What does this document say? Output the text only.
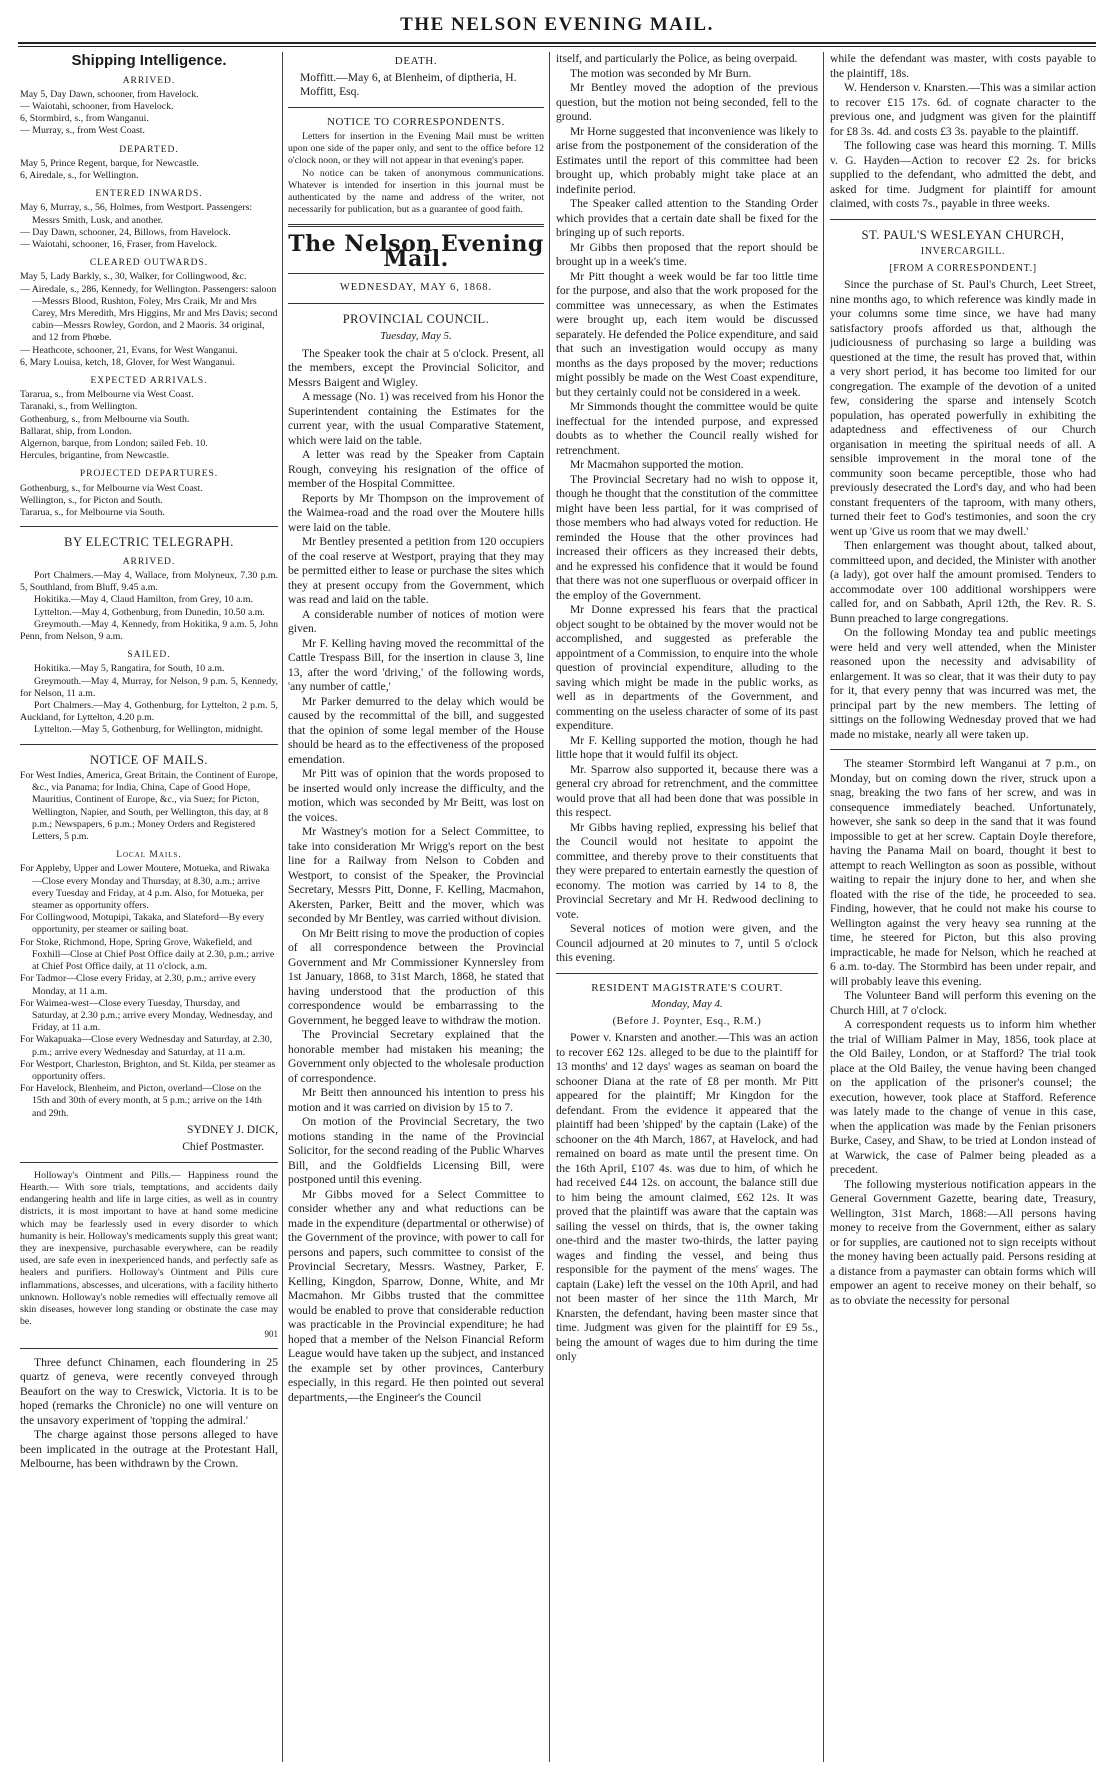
THE NELSON EVENING MAIL.
Shipping Intelligence.
ARRIVED.
May 5, Day Dawn, schooner, from Havelock.
— Waiotahi, schooner, from Havelock.
6, Stormbird, s., from Wanganui.
— Murray, s., from West Coast.
DEPARTED.
May 5, Prince Regent, barque, for Newcastle.
6, Airedale, s., for Wellington.
ENTERED INWARDS.
May 6, Murray, s., 56, Holmes, from Westport. Passengers: Messrs Smith, Lusk, and another.
— Day Dawn, schooner, 24, Billows, from Havelock.
— Waiotahi, schooner, 16, Fraser, from Havelock.
CLEARED OUTWARDS.
May 5, Lady Barkly, s., 30, Walker, for Collingwood, &c.
— Airedale, s., 286, Kennedy, for Wellington. Passengers: saloon—Messrs Blood, Rushton, Foley, Mrs Craik, Mr and Mrs Carey, Mrs Meredith, Mrs Higgins, Mr and Mrs Davis; second cabin—Messrs Rowley, Gordon, and 2 Maoris. 34 original, and 12 from Phœbe.
— Heathcote, schooner, 21, Evans, for West Wanganui.
6, Mary Louisa, ketch, 18, Glover, for West Wanganui.
EXPECTED ARRIVALS.
Tararua, s., from Melbourne via West Coast.
Taranaki, s., from Wellington.
Gothenburg, s., from Melbourne via South.
Ballarat, ship, from London.
Algernon, barque, from London; sailed Feb. 10.
Hercules, brigantine, from Newcastle.
PROJECTED DEPARTURES.
Gothenburg, s., for Melbourne via West Coast.
Wellington, s., for Picton and South.
Tararua, s., for Melbourne via South.
BY ELECTRIC TELEGRAPH.
ARRIVED.

Port Chalmers.—May 4, Wallace, from Molyneux, 7.30 p.m. 5, Southland, from Bluff, 9.45 a.m.

Hokitika.—May 4, Claud Hamilton, from Grey, 10 a.m.

Lyttelton.—May 4, Gothenburg, from Dunedin, 10.50 a.m.

Greymouth.—May 4, Kennedy, from Hokitika, 9 a.m. 5, John Penn, from Nelson, 9 a.m.

SAILED.

Hokitika.—May 5, Rangatira, for South, 10 a.m.

Greymouth.—May 4, Murray, for Nelson, 9 p.m. 5, Kennedy, for Nelson, 11 a.m.

Port Chalmers.—May 4, Gothenburg, for Lyttelton, 2 p.m. 5, Auckland, for Lyttelton, 4.20 p.m.

Lyttelton.—May 5, Gothenburg, for Wellington, midnight.

NOTICE OF MAILS.

For West Indies, America, Great Britain, the Continent of Europe, &c., via Panama; for India, China, Cape of Good Hope, Mauritius, Continent of Europe, &c., via Suez; for Picton, Wellington, Napier, and South, per Wellington, this day, at 8 p.m.; Newspapers, 6 p.m.; Money Orders and Registered Letters, 5 p.m.

Local Mails.

For Appleby, Upper and Lower Moutere, Motueka, and Riwaka—Close every Monday and Thursday, at 8.30, a.m.; arrive every Tuesday and Friday, at 4 p.m. Also, for Motueka, per steamer as opportunity offers.

For Collingwood, Motupipi, Takaka, and Slateford—By every opportunity, per steamer or sailing boat.

For Stoke, Richmond, Hope, Spring Grove, Wakefield, and Foxhill—Close at Chief Post Office daily at 2.30, p.m.; arrive at Chief Post Office daily, at 11 o'clock, a.m.

For Tadmor—Close every Friday, at 2.30, p.m.; arrive every Monday, at 11 a.m.

For Waimea-west—Close every Tuesday, Thursday, and Saturday, at 2.30 p.m.; arrive every Monday, Wednesday, and Friday, at 11 a.m.

For Wakapuaka—Close every Wednesday and Saturday, at 2.30, p.m.; arrive every Wednesday and Saturday, at 11 a.m.

For Westport, Charleston, Brighton, and St. Kilda, per steamer as opportunity offers.

For Havelock, Blenheim, and Picton, overland—Close on the 15th and 30th of every month, at 5 p.m.; arrive on the 14th and 29th.

SYDNEY J. DICK,
Chief Postmaster.

Holloway's Ointment and Pills.— Happiness round the Hearth.— With sore trials, temptations, and accidents daily endangering health and life in large cities, as well as in country districts, it is most important to have at hand some medicine which may be fearlessly used in every disorder to which humanity is heir. Holloway's medicaments supply this great want; they are inexpensive, purchasable everywhere, can be readily used, are safe even in inexperienced hands, and perfectly safe as healers and purifiers. Holloway's Ointment and Pills cure inflammations, abscesses, and ulcerations, with a facility hitherto unknown. Holloway's noble remedies will effectually remove all skin diseases, however long standing or obstinate the case may be.

901

Three defunct Chinamen, each floundering in 25 quartz of geneva, were recently conveyed through Beaufort on the way to Creswick, Victoria. It is to be hoped (remarks the Chronicle) no one will venture on the unsavory experiment of 'topping the admiral.'

The charge against those persons alleged to have been implicated in the outrage at the Protestant Hall, Melbourne, has been withdrawn by the Crown.

DEATH.

Moffitt.—May 6, at Blenheim, of diptheria, H. Moffitt, Esq.

NOTICE TO CORRESPONDENTS.

Letters for insertion in the Evening Mail must be written upon one side of the paper only, and sent to the office before 12 o'clock noon, or they will not appear in that evening's paper.

No notice can be taken of anonymous communications. Whatever is intended for insertion in this journal must be authenticated by the name and address of the writer, not necessarily for publication, but as a guarantee of good faith.

The Nelson Evening Mail.
WEDNESDAY, MAY 6, 1868.
PROVINCIAL COUNCIL.
Tuesday, May 5.

The Speaker took the chair at 5 o'clock. Present, all the members, except the Provincial Solicitor, and Messrs Baigent and Wigley.

A message (No. 1) was received from his Honor the Superintendent containing the Estimates for the current year, with the usual Comparative Statement, which were laid on the table.

A letter was read by the Speaker from Captain Rough, conveying his resignation of the office of member of the Hospital Committee.

Reports by Mr Thompson on the improvement of the Waimea-road and the road over the Moutere hills were laid on the table.

Mr Bentley presented a petition from 120 occupiers of the coal reserve at Westport, praying that they may be permitted either to lease or purchase the sites which they at present occupy from the Government, which was read and laid on the table.

A considerable number of notices of motion were given.

Mr F. Kelling having moved the recommittal of the Cattle Trespass Bill, for the insertion in clause 3, line 13, after the word 'driving,' of the following words, 'any number of cattle,'

Mr Parker demurred to the delay which would be caused by the recommittal of the bill, and suggested that the opinion of some legal member of the House should be heard as to the effectiveness of the proposed emendation.

Mr Pitt was of opinion that the words proposed to be inserted would only increase the difficulty, and the motion, which was seconded by Mr Beitt, was lost on the voices.

Mr Wastney's motion for a Select Committee, to take into consideration Mr Wrigg's report on the best line for a Railway from Nelson to Cobden and Westport, to consist of the Speaker, the Provincial Secretary, Messrs Pitt, Donne, F. Kelling, Macmahon, Akersten, Parker, Beitt and the mover, which was seconded by Mr Bentley, was carried without division.

On Mr Beitt rising to move the production of copies of all correspondence between the Provincial Government and Mr Commissioner Kynnersley from 1st January, 1868, to 31st March, 1868, he stated that having understood that the production of this correspondence would be embarrassing to the Government, he begged leave to withdraw the motion.

The Provincial Secretary explained that the honorable member had mistaken his meaning; the Government only objected to the wholesale production of correspondence.

Mr Beitt then announced his intention to press his motion and it was carried on division by 15 to 7.

On motion of the Provincial Secretary, the two motions standing in the name of the Provincial Solicitor, for the second reading of the Public Wharves Bill, and the Goldfields Licensing Bill, were postponed until this evening.

Mr Gibbs moved for a Select Committee to consider whether any and what reductions can be made in the expenditure (departmental or otherwise) of the Government of the province, with power to call for persons and papers, such committee to consist of the Provincial Secretary, Messrs. Wastney, Parker, F. Kelling, Kingdon, Sparrow, Donne, White, and Mr Macmahon. Mr Gibbs trusted that the committee would be enabled to prove that considerable reduction was practicable in the Provincial expenditure; he had hoped that a member of the Nelson Financial Reform League would have taken up the subject, and instanced the example set by other provinces, Canterbury especially, in this regard. He then pointed out several departments,—the Engineer's the Council

itself, and particularly the Police, as being overpaid.

The motion was seconded by Mr Burn.

Mr Bentley moved the adoption of the previous question, but the motion not being seconded, fell to the ground.

Mr Horne suggested that inconvenience was likely to arise from the postponement of the consideration of the Estimates until the report of this committee had been brought up, which probably might take place at an indefinite period.

The Speaker called attention to the Standing Order which provides that a certain date shall be fixed for the bringing up of such reports.

Mr Gibbs then proposed that the report should be brought up in a week's time.

Mr Pitt thought a week would be far too little time for the purpose, and also that the work proposed for the committee was unnecessary, as when the Estimates were brought up, each item would be discussed separately. He defended the Police expenditure, and said that such an investigation would occupy as many months as the days proposed by the mover; reductions might possibly be made on the West Coast expenditure, but they certainly could not be considered in a week.

Mr Simmonds thought the committee would be quite ineffectual for the intended purpose, and expressed doubts as to whether the Council really wished for retrenchment.

Mr Macmahon supported the motion.

The Provincial Secretary had no wish to oppose it, though he thought that the constitution of the committee might have been less partial, for it was comprised of those members who had always voted for reduction. He reminded the House that the other provinces had increased their officers as they increased their debts, and he expressed his confidence that it would be found that there was not one superfluous or overpaid officer in the employ of the Government.

Mr Donne expressed his fears that the practical object sought to be obtained by the mover would not be accomplished, and suggested as preferable the appointment of a Commission, to enquire into the whole question of provincial expenditure, alluding to the saving which might be made in the public works, as well as in departments of the Government, and commenting on the useless character of some of its past expenditure.

Mr F. Kelling supported the motion, though he had little hope that it would fulfil its object.

Mr. Sparrow also supported it, because there was a general cry abroad for retrenchment, and the committee would prove that all had been done that was possible in this respect.

Mr Gibbs having replied, expressing his belief that the Council would not hesitate to appoint the committee, and thereby prove to their constituents that they were prepared to entertain earnestly the question of economy. The motion was carried by 14 to 8, the Provincial Secretary and Mr H. Redwood declining to vote.

Several notices of motion were given, and the Council adjourned at 20 minutes to 7, until 5 o'clock this evening.

RESIDENT MAGISTRATE'S COURT.
Monday, May 4.
(Before J. Poynter, Esq., R.M.)

Power v. Knarsten and another.—This was an action to recover £62 12s. alleged to be due to the plaintiff for 13 months' and 12 days' wages as seaman on board the schooner Diana at the rate of £8 per month. Mr Pitt appeared for the plaintiff; Mr Kingdon for the defendant. From the evidence it appeared that the plaintiff had been 'shipped' by the captain (Lake) of the schooner on the 4th March, 1867, at Havelock, and had remained on board as mate until the present time. On the 16th April, £107 4s. was due to him, of which he had received £44 12s. on account, the balance still due to him being the amount claimed, £62 12s. It was proved that the plaintiff was aware that the captain was sailing the vessel on thirds, that is, the owner taking one-third and the master two-thirds, the latter paying wages and finding the vessel, and being thus responsible for the payment of the mens' wages. The captain (Lake) left the vessel on the 10th April, and had not been master of her since the 11th March, Mr Knarsten, the defendant, having been master since that time. Judgment was given for the plaintiff for £9 5s., being the amount of wages due to him during the time only

while the defendant was master, with costs payable to the plaintiff, 18s.

W. Henderson v. Knarsten.—This was a similar action to recover £15 17s. 6d. of cognate character to the previous one, and judgment was given for the plaintiff for £8 3s. 4d. and costs £3 3s. payable to the plaintiff.

The following case was heard this morning. T. Mills v. G. Hayden—Action to recover £2 2s. for bricks supplied to the defendant, who admitted the debt, and asked for time. Judgment for plaintiff for amount claimed, with costs 7s., payable in three weeks.

ST. PAUL'S WESLEYAN CHURCH,
INVERCARGILL.
[FROM A CORRESPONDENT.]

Since the purchase of St. Paul's Church, Leet Street, nine months ago, to which reference was kindly made in your columns some time since, we have had many satisfactory proofs afforded us that, although the judiciousness of purchasing so large a building was questioned at the time, the result has proved that, within a very short period, it has become too limited for our congregation. The example of the devotion of a united few, considering the sparse and intensely Scotch population, has operated powerfully in exhibiting the adaptedness and effectiveness of our Church organisation in meeting the spiritual needs of all. A sensible improvement in the moral tone of the community soon became perceptible, those who had previously desecrated the Lord's day, and who had been constant frequenters of the taproom, with many others, turned their feet to God's testimonies, and soon the cry went up 'Give us room that we may dwell.'

Then enlargement was thought about, talked about, committeed upon, and decided, the Minister with another (a lady), got over half the amount promised. Tenders to accommodate over 100 additional worshippers were called for, and on Sabbath, April 12th, the Rev. R. S. Bunn preached to large congregations.

On the following Monday tea and public meetings were held and very well attended, when the Minister reasoned upon the necessity and advisability of enlargement. It was so clear, that it was their duty to pay for it, that every penny that was incurred was met, the principal part by the new members. The letting of sittings on the following Wednesday proved that we had made no mistake, nearly all were taken up.

The steamer Stormbird left Wanganui at 7 p.m., on Monday, but on coming down the river, struck upon a snag, breaking the two fans of her screw, and was in consequence immediately beached. Unfortunately, however, she sank so deep in the sand that it was found impossible to get at her screw. Captain Doyle therefore, having the Panama Mail on board, thought it best to attempt to reach Wellington as soon as possible, without waiting to repair the injury done to her, and when she floated with the rise of the tide, he proceeded to sea. Finding, however, that he could not make his course to Wellington against the very heavy sea running at the time, he steered for Picton, but this also proving impracticable, he made for Nelson, which he reached at 6 a.m. to-day. The Stormbird has been under repair, and will probably leave this evening.

The Volunteer Band will perform this evening on the Church Hill, at 7 o'clock.

A correspondent requests us to inform him whether the trial of William Palmer in May, 1856, took place at the Old Bailey, London, or at Stafford? The trial took place at the Old Bailey, the venue having been changed on the application of the prisoner's counsel; the execution, however, took place at Stafford. Reference was lately made to the change of venue in this case, when the application was made by the Fenian prisoners Burke, Casey, and Shaw, to be tried at London instead of at Warwick, the case of Palmer being pleaded as a precedent.

The following mysterious notification appears in the General Government Gazette, bearing date, Treasury, Wellington, 31st March, 1868:—All persons having money to receive from the Government, either as salary or for supplies, are cautioned not to sign receipts without the money having been actually paid. Persons residing at a distance from a paymaster can obtain forms which will empower an agent to receive money on their behalf, so as to obviate the necessity for personal
